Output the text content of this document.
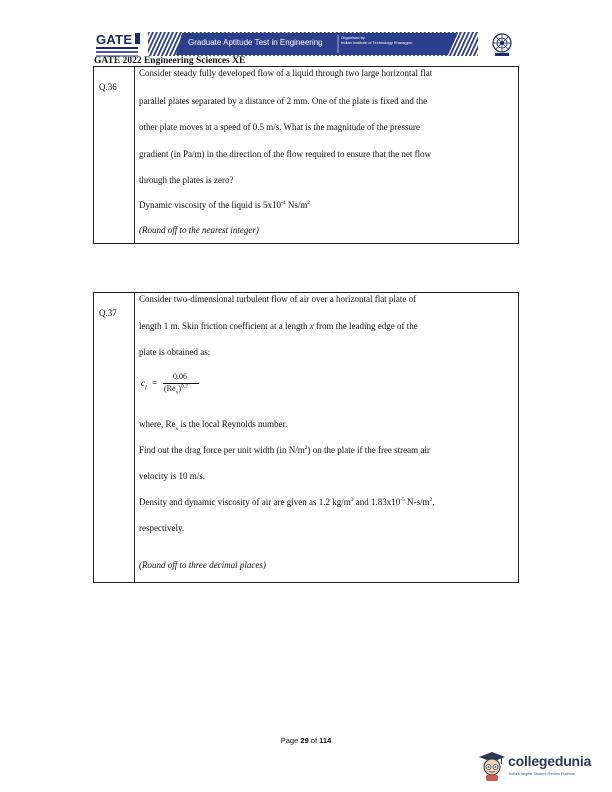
GATE	Graduate Aptitude Test in Engineering
Organised by
Indian Institute of Technology Kharagpur
GATE 2022 Engineering Sciences XE
Q.36
Consider steady fully developed flow of a liquid through two large horizontal flat
parallel plates separated by a distance of 2 mm. One of the plate is fixed and the
other plate moves at a speed of 0.5 m/s. What is the magnitude of the pressure
gradient (in Pa/m) in the direction of the flow required to ensure that the net flow
through the plates is zero?
Dynamic viscosity of the liquid is $5x10^{-4}$ $Ns/m^2$
(Round off to the nearest integer)
Q.37
Consider two-dimensional turbulent flow of air over a horizontal flat plate of
length 1 m. Skin friction coefficient at a length x from the leading edge of the
plate is obtained as:
$c_f$ =
0.06
$(Re_x)^{0.2}$
where, $Re_x$ is the local Reynolds number.
Find out the drag force per unit width (in $N/m^2$) on the plate if the free stream air
velocity is 10 m/s.
Density and dynamic viscosity of air are given as 1.2 $kg/m^3$ and $1.83x10^{-5}$ $N-s/m^2$,
respectively.
(Round off to three decimal places)
Page 29 of 114
collegedunia
India's largest Student Review Platform
